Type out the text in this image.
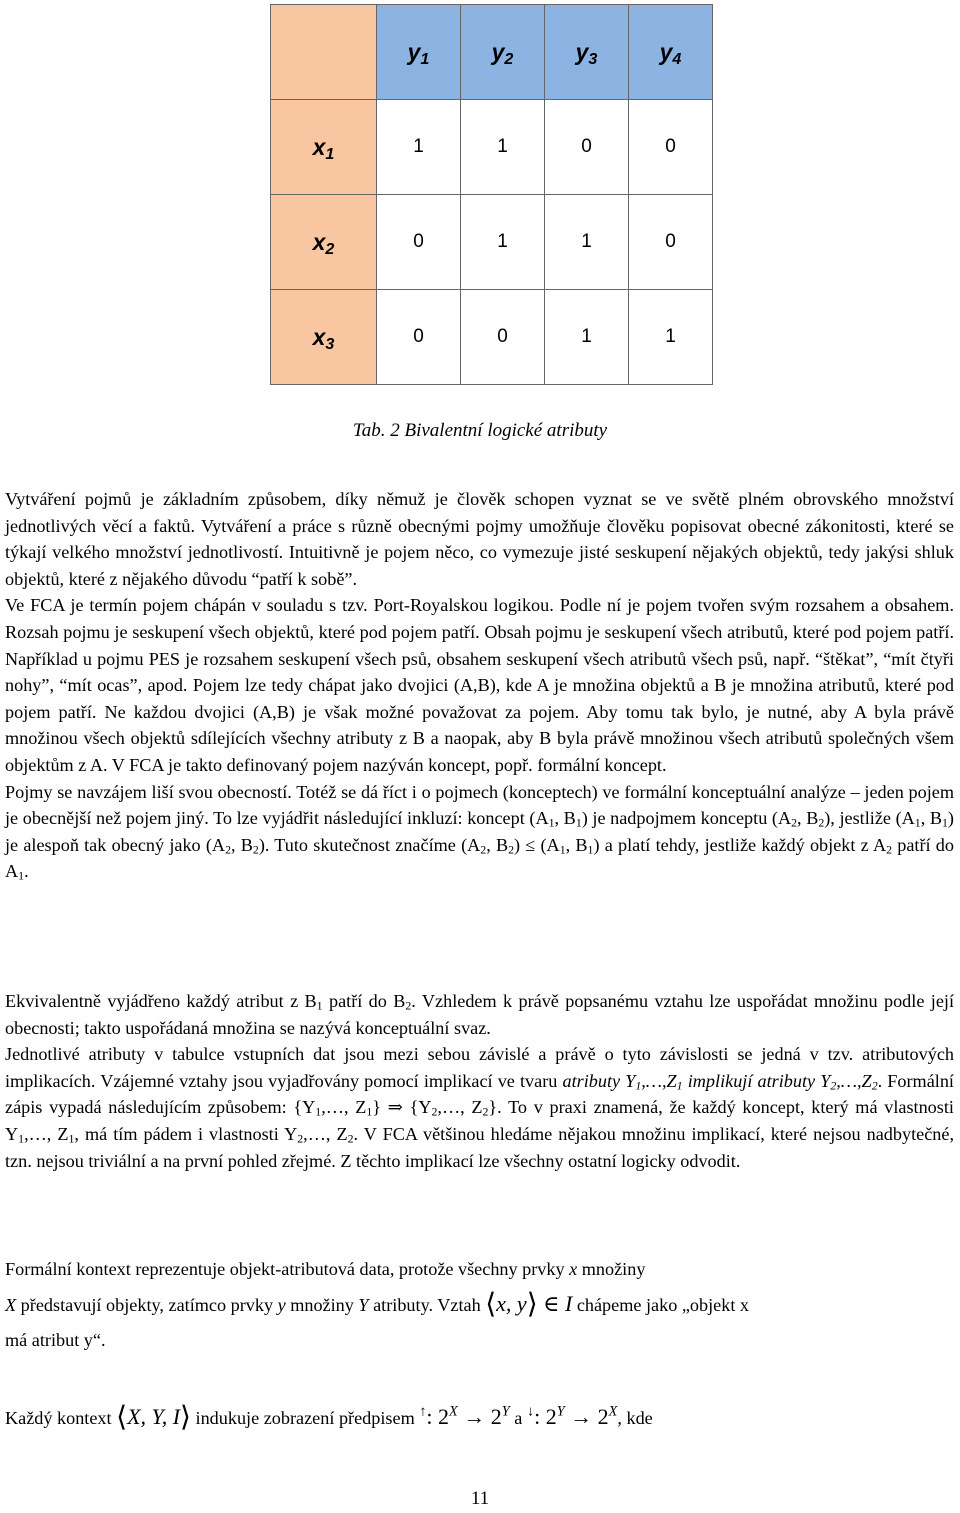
	$y_1$	$y_2$	$y_3$	$y_4$
$x_1$	1	1	0	0
$x_2$	0	1	1	0
$x_3$	0	0	1	1
Tab. 2 Bivalentní logické atributy

Vytváření pojmů je základním způsobem, díky němuž je člověk schopen vyznat se ve světě plném obrovského množství jednotlivých věcí a faktů. Vytváření a práce s různě obecnými pojmy umožňuje člověku popisovat obecné zákonitosti, které se týkají velkého množství jednotlivostí. Intuitivně je pojem něco, co vymezuje jisté seskupení nějakých objektů, tedy jakýsi shluk objektů, které z nějakého důvodu “patří k sobě”.

Ve FCA je termín pojem chápán v souladu s tzv. Port-Royalskou logikou. Podle ní je pojem tvořen svým rozsahem a obsahem. Rozsah pojmu je seskupení všech objektů, které pod pojem patří. Obsah pojmu je seskupení všech atributů, které pod pojem patří. Například u pojmu PES je rozsahem seskupení všech psů, obsahem seskupení všech atributů všech psů, např. “štěkat”, “mít čtyři nohy”, “mít ocas”, apod. Pojem lze tedy chápat jako dvojici (A,B), kde A je množina objektů a B je množina atributů, které pod pojem patří. Ne každou dvojici (A,B) je však možné považovat za pojem. Aby tomu tak bylo, je nutné, aby A byla právě množinou všech objektů sdílejících všechny atributy z B a naopak, aby B byla právě množinou všech atributů společných všem objektům z A. V FCA je takto definovaný pojem nazýván koncept, popř. formální koncept.

Pojmy se navzájem liší svou obecností. Totéž se dá říct i o pojmech (konceptech) ve formální konceptuální analýze – jeden pojem je obecnější než pojem jiný. To lze vyjádřit následující inkluzí: koncept ($A_1$, $B_1$) je nadpojmem konceptu ($A_2$, $B_2$), jestliže ($A_1$, $B_1$) je alespoň tak obecný jako ($A_2$, $B_2$). Tuto skutečnost značíme ($A_2$, $B_2) \le (A_1$, $B_1$) a platí tehdy, jestliže každý objekt z $A_2$ patří do $A_1$.

Ekvivalentně vyjádřeno každý atribut z $B_1$ patří do $B_2$. Vzhledem k právě popsanému vztahu lze uspořádat množinu podle její obecnosti; takto uspořádaná množina se nazývá konceptuální svaz.

Jednotlivé atributy v tabulce vstupních dat jsou mezi sebou závislé a právě o tyto závislosti se jedná v tzv. atributových implikacích. Vzájemné vztahy jsou vyjadřovány pomocí implikací ve tvaru atributy $Y_1,\dots,Z_1$ implikují atributy $Y_2,\dots,Z_2$. Formální zápis vypadá následujícím způsobem: {$Y_1,\dots$, $Z_1$} ⇒ {$Y_2,\dots$, $Z_2$}. To v praxi znamená, že každý koncept, který má vlastnosti $Y_1,\dots$, $Z_1$, má tím pádem i vlastnosti $Y_2,\dots$, $Z_2$. V FCA většinou hledáme nějakou množinu implikací, které nejsou nadbytečné, tzn. nejsou triviální a na první pohled zřejmé. Z těchto implikací lze všechny ostatní logicky odvodit.

Formální kontext reprezentuje objekt-atributová data, protože všechny prvky x množiny

X představují objekty, zatímco prvky y množiny Y atributy. Vztah ⟨x, y⟩ ∈ I chápeme jako „objekt x

má atribut y“.

Každý kontext ⟨X, Y, I⟩ indukuje zobrazení předpisem ↑: $2^X \to 2^Y$ a ↓: $2^Y \to 2^X$, kde

11
